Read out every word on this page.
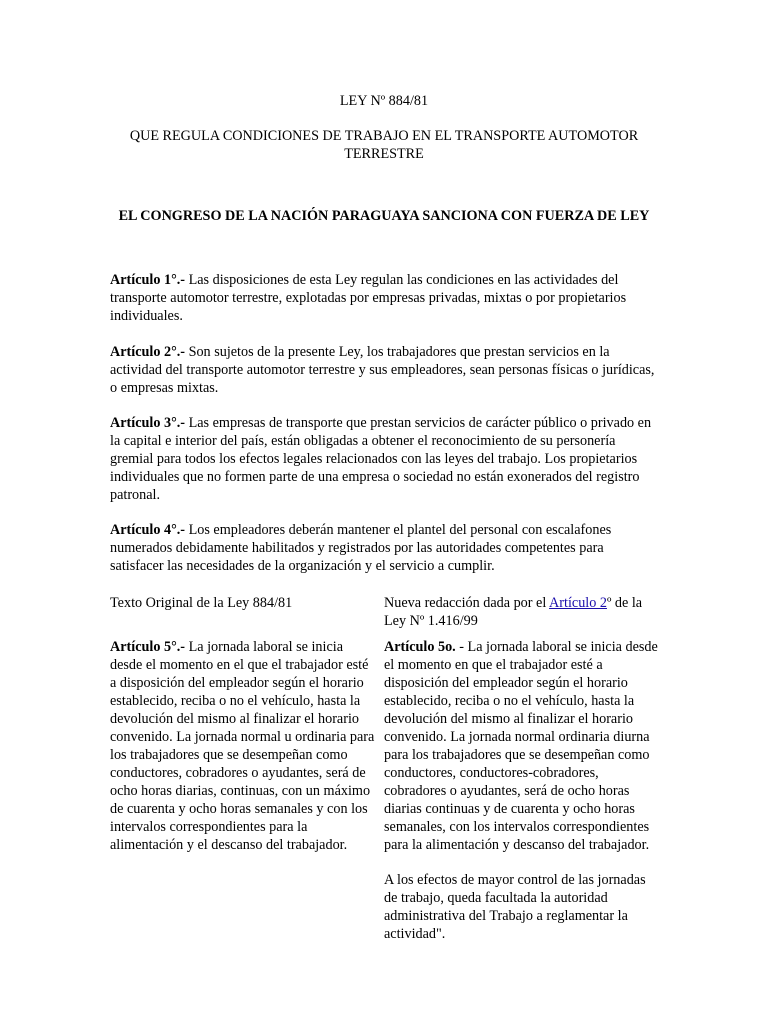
LEY Nº 884/81
QUE REGULA CONDICIONES DE TRABAJO EN EL TRANSPORTE AUTOMOTOR TERRESTRE
EL CONGRESO DE LA NACIÓN PARAGUAYA SANCIONA CON FUERZA DE LEY

Artículo 1°.- Las disposiciones de esta Ley regulan las condiciones en las actividades del transporte automotor terrestre, explotadas por empresas privadas, mixtas o por propietarios individuales.

Artículo 2°.- Son sujetos de la presente Ley, los trabajadores que prestan servicios en la actividad del transporte automotor terrestre y sus empleadores, sean personas físicas o jurídicas, o empresas mixtas.

Artículo 3°.- Las empresas de transporte que prestan servicios de carácter público o privado en la capital e interior del país, están obligadas a obtener el reconocimiento de su personería gremial para todos los efectos legales relacionados con las leyes del trabajo. Los propietarios individuales que no formen parte de una empresa o sociedad no están exonerados del registro patronal.

Artículo 4°.- Los empleadores deberán mantener el plantel del personal con escalafones numerados debidamente habilitados y registrados por las autoridades competentes para satisfacer las necesidades de la organización y el servicio a cumplir.

Texto Original de la Ley 884/81

Artículo 5°.- La jornada laboral se inicia desde el momento en el que el trabajador esté a disposición del empleador según el horario establecido, reciba o no el vehículo, hasta la devolución del mismo al finalizar el horario convenido. La jornada normal u ordinaria para los trabajadores que se desempeñan como conductores, cobradores o ayudantes, será de ocho horas diarias, continuas, con un máximo de cuarenta y ocho horas semanales y con los intervalos correspondientes para la alimentación y el descanso del trabajador.

Nueva redacción dada por el Artículo 2º de la Ley Nº 1.416/99

Artículo 5o. - La jornada laboral se inicia desde el momento en que el trabajador esté a disposición del empleador según el horario establecido, reciba o no el vehículo, hasta la devolución del mismo al finalizar el horario convenido. La jornada normal ordinaria diurna para los trabajadores que se desempeñan como conductores, conductores-cobradores, cobradores o ayudantes, será de ocho horas diarias continuas y de cuarenta y ocho horas semanales, con los intervalos correspondientes para la alimentación y descanso del trabajador.

A los efectos de mayor control de las jornadas de trabajo, queda facultada la autoridad administrativa del Trabajo a reglamentar la actividad".
